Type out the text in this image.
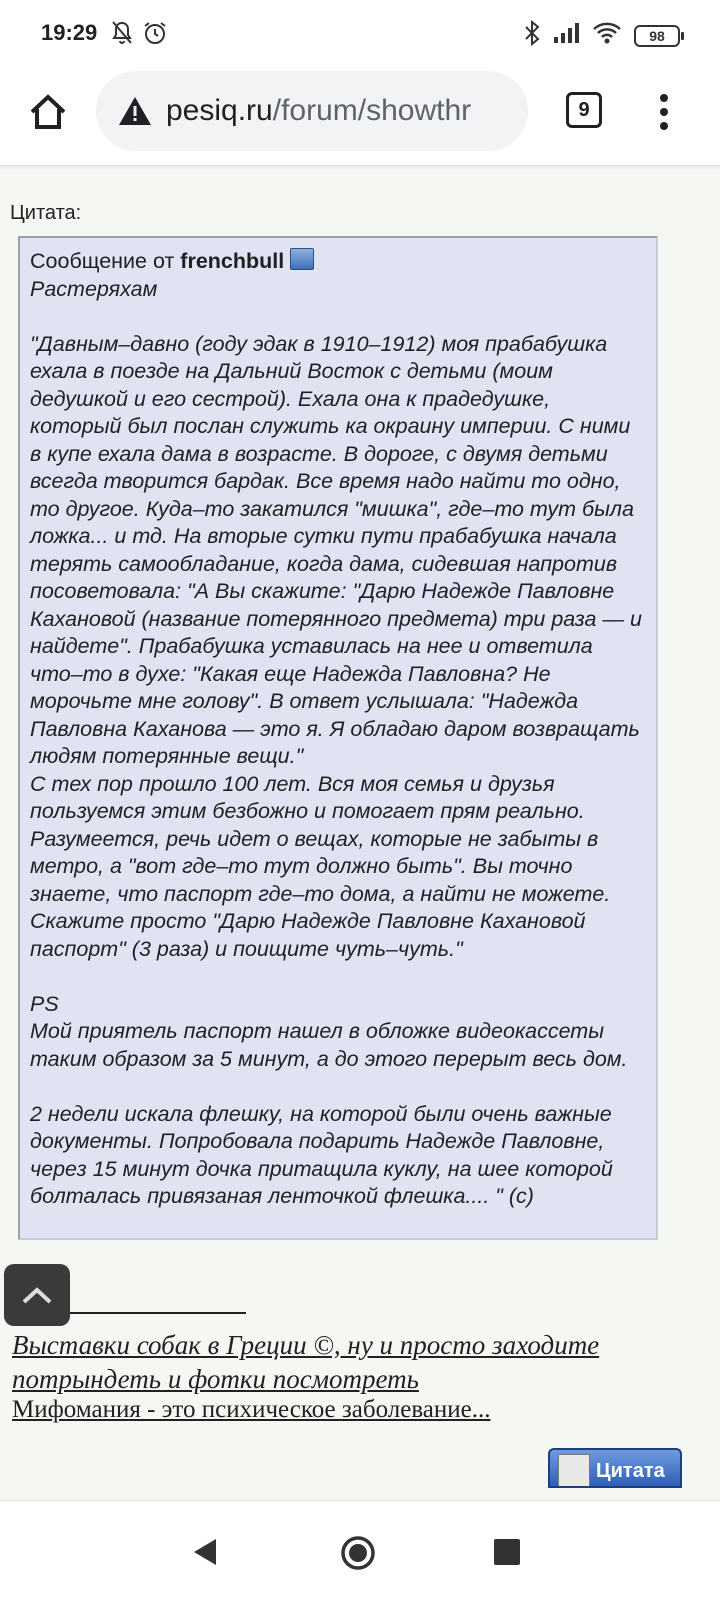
19:29	98
pesiq.ru/forum/showthr	9
Цитата:
Сообщение от frenchbull
Растеряхам

"Давным–давно (году эдак в 1910–1912) моя прабабушка ехала в поезде на Дальний Восток с детьми (моим дедушкой и его сестрой). Ехала она к прадедушке, который был послан служить ка окраину империи. С ними в купе ехала дама в возрасте. В дороге, с двумя детьми всегда творится бардак. Все время надо найти то одно, то другое. Куда–то закатился "мишка", где–то тут была ложка... и тд. На вторые сутки пути прабабушка начала терять самообладание, когда дама, сидевшая напротив посоветовала: "А Вы скажите: "Дарю Надежде Павловне Кахановой (название потерянного предмета) три раза — и найдете". Прабабушка уставилась на нее и ответила что–то в духе: "Какая еще Надежда Павловна? Не морочьте мне голову". В ответ услышала: "Надежда Павловна Каханова — это я. Я обладаю даром возвращать людям потерянные вещи."
С тех пор прошло 100 лет. Вся моя семья и друзья пользуемся этим безбожно и помогает прям реально. Разумеется, речь идет о вещах, которые не забыты в метро, а "вот где–то тут должно быть". Вы точно знаете, что паспорт где–то дома, а найти не можете. Скажите просто "Дарю Надежде Павловне Кахановой паспорт" (3 раза) и поищите чуть–чуть."

PS
Мой приятель паспорт нашел в обложке видеокассеты таким образом за 5 минут, а до этого перерыт весь дом.

2 недели искала флешку, на которой были очень важные документы. Попробовала подарить Надежде Павловне, через 15 минут дочка притащила куклу, на шее которой болталась привязаная ленточкой флешка.... " (с)
Выставки собак в Греции ©, ну и просто заходите потрындеть и фотки посмотреть
Мифомания - это психическое заболевание...
Цитата
